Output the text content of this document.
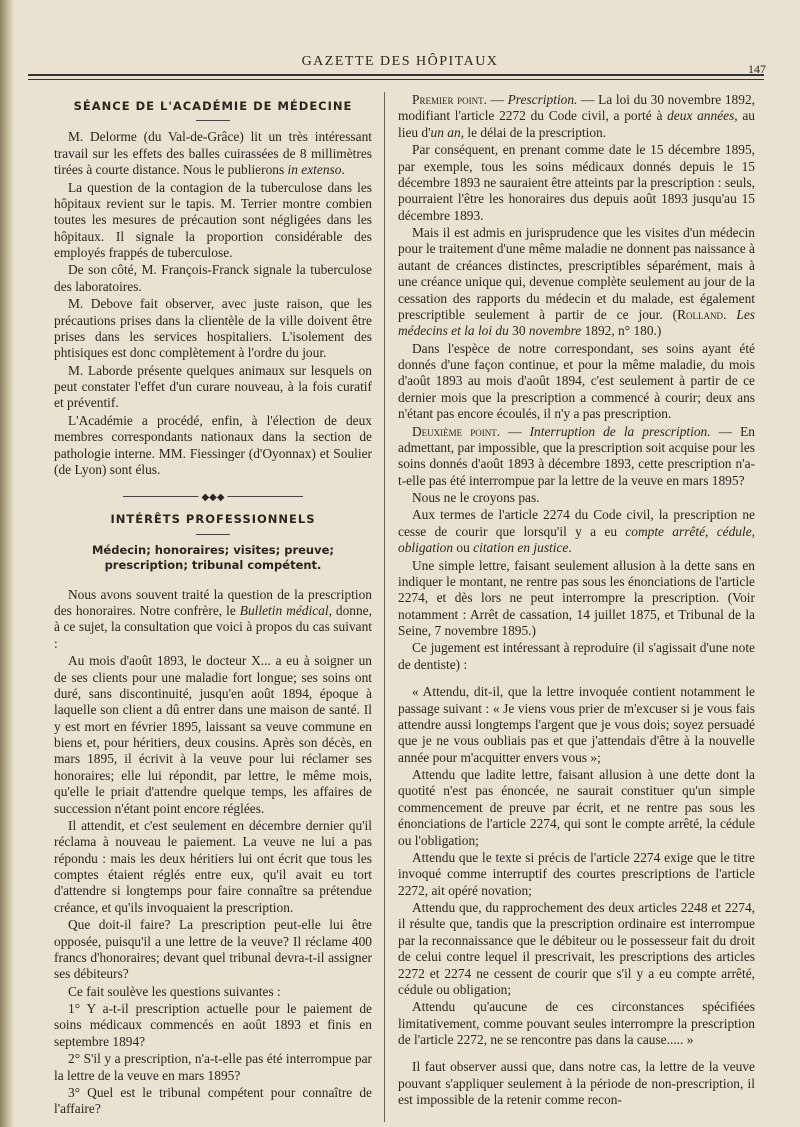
GAZETTE DES HÔPITAUX	147
SÉANCE DE L'ACADÉMIE DE MÉDECINE

M. Delorme (du Val-de-Grâce) lit un très intéressant travail sur les effets des balles cuirassées de 8 millimètres tirées à courte distance. Nous le publierons in extenso.

La question de la contagion de la tuberculose dans les hôpitaux revient sur le tapis. M. Terrier montre combien toutes les mesures de précaution sont négligées dans les hôpitaux. Il signale la proportion considérable des employés frappés de tuberculose.

De son côté, M. François-Franck signale la tuberculose des laboratoires.

M. Debove fait observer, avec juste raison, que les précautions prises dans la clientèle de la ville doivent être prises dans les services hospitaliers. L'isolement des phtisiques est donc complètement à l'ordre du jour.

M. Laborde présente quelques animaux sur lesquels on peut constater l'effet d'un curare nouveau, à la fois curatif et préventif.

L'Académie a procédé, enfin, à l'élection de deux membres correspondants nationaux dans la section de pathologie interne. MM. Fiessinger (d'Oyonnax) et Soulier (de Lyon) sont élus.

◆◆◆
INTÉRÊTS PROFESSIONNELS
Médecin; honoraires; visites; preuve; prescription; tribunal compétent.

Nous avons souvent traité la question de la prescription des honoraires. Notre confrère, le Bulletin médical, donne, à ce sujet, la consultation que voici à propos du cas suivant :

Au mois d'août 1893, le docteur X... a eu à soigner un de ses clients pour une maladie fort longue; ses soins ont duré, sans discontinuité, jusqu'en août 1894, époque à laquelle son client a dû entrer dans une maison de santé. Il y est mort en février 1895, laissant sa veuve commune en biens et, pour héritiers, deux cousins. Après son décès, en mars 1895, il écrivit à la veuve pour lui réclamer ses honoraires; elle lui répondit, par lettre, le même mois, qu'elle le priait d'attendre quelque temps, les affaires de succession n'étant point encore réglées.

Il attendit, et c'est seulement en décembre dernier qu'il réclama à nouveau le paiement. La veuve ne lui a pas répondu : mais les deux héritiers lui ont écrit que tous les comptes étaient réglés entre eux, qu'il avait eu tort d'attendre si longtemps pour faire connaître sa prétendue créance, et qu'ils invoquaient la prescription.

Que doit-il faire? La prescription peut-elle lui être opposée, puisqu'il a une lettre de la veuve? Il réclame 400 francs d'honoraires; devant quel tribunal devra-t-il assigner ses débiteurs?

Ce fait soulève les questions suivantes :

1° Y a-t-il prescription actuelle pour le paiement de soins médicaux commencés en août 1893 et finis en septembre 1894?

2° S'il y a prescription, n'a-t-elle pas été interrompue par la lettre de la veuve en mars 1895?

3° Quel est le tribunal compétent pour connaître de l'affaire?

Premier point. — Prescription. — La loi du 30 novembre 1892, modifiant l'article 2272 du Code civil, a porté à deux années, au lieu d'un an, le délai de la prescription.

Par conséquent, en prenant comme date le 15 décembre 1895, par exemple, tous les soins médicaux donnés depuis le 15 décembre 1893 ne sauraient être atteints par la prescription : seuls, pourraient l'être les honoraires dus depuis août 1893 jusqu'au 15 décembre 1893.

Mais il est admis en jurisprudence que les visites d'un médecin pour le traitement d'une même maladie ne donnent pas naissance à autant de créances distinctes, prescriptibles séparément, mais à une créance unique qui, devenue complète seulement au jour de la cessation des rapports du médecin et du malade, est également prescriptible seulement à partir de ce jour. (Rolland. Les médecins et la loi du 30 novembre 1892, n° 180.)

Dans l'espèce de notre correspondant, ses soins ayant été donnés d'une façon continue, et pour la même maladie, du mois d'août 1893 au mois d'août 1894, c'est seulement à partir de ce dernier mois que la prescription a commencé à courir; deux ans n'étant pas encore écoulés, il n'y a pas prescription.

Deuxième point. — Interruption de la prescription. — En admettant, par impossible, que la prescription soit acquise pour les soins donnés d'août 1893 à décembre 1893, cette prescription n'a-t-elle pas été interrompue par la lettre de la veuve en mars 1895?

Nous ne le croyons pas.

Aux termes de l'article 2274 du Code civil, la prescription ne cesse de courir que lorsqu'il y a eu compte arrêté, cédule, obligation ou citation en justice.

Une simple lettre, faisant seulement allusion à la dette sans en indiquer le montant, ne rentre pas sous les énonciations de l'article 2274, et dès lors ne peut interrompre la prescription. (Voir notamment : Arrêt de cassation, 14 juillet 1875, et Tribunal de la Seine, 7 novembre 1895.)

Ce jugement est intéressant à reproduire (il s'agissait d'une note de dentiste) :

« Attendu, dit-il, que la lettre invoquée contient notamment le passage suivant : « Je viens vous prier de m'excuser si je vous fais attendre aussi longtemps l'argent que je vous dois; soyez persuadé que je ne vous oubliais pas et que j'attendais d'être à la nouvelle année pour m'acquitter envers vous »;

Attendu que ladite lettre, faisant allusion à une dette dont la quotité n'est pas énoncée, ne saurait constituer qu'un simple commencement de preuve par écrit, et ne rentre pas sous les énonciations de l'article 2274, qui sont le compte arrêté, la cédule ou l'obligation;

Attendu que le texte si précis de l'article 2274 exige que le titre invoqué comme interruptif des courtes prescriptions de l'article 2272, ait opéré novation;

Attendu que, du rapprochement des deux articles 2248 et 2274, il résulte que, tandis que la prescription ordinaire est interrompue par la reconnaissance que le débiteur ou le possesseur fait du droit de celui contre lequel il prescrivait, les prescriptions des articles 2272 et 2274 ne cessent de courir que s'il y a eu compte arrêté, cédule ou obligation;

Attendu qu'aucune de ces circonstances spécifiées limitativement, comme pouvant seules interrompre la prescription de l'article 2272, ne se rencontre pas dans la cause..... »

Il faut observer aussi que, dans notre cas, la lettre de la veuve pouvant s'appliquer seulement à la période de non-prescription, il est impossible de la retenir comme recon-
